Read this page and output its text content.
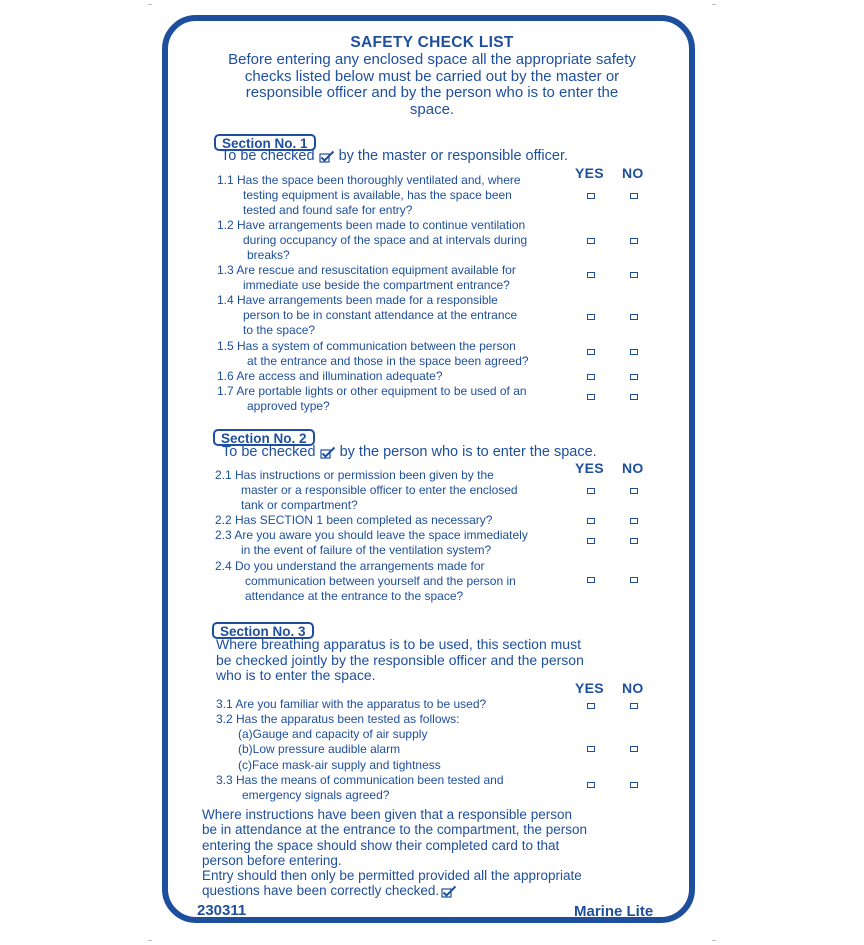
SAFETY CHECK LIST
Before entering any enclosed space all the appropriate safety checks listed below must be carried out by the master or responsible officer and by the person who is to enter the space.
Section No. 1
To be checked by the master or responsible officer.
YES NO
1.1 Has the space been thoroughly ventilated and, where
testing equipment is available, has the space been
tested and found safe for entry?
1.2 Have arrangements been made to continue ventilation
during occupancy of the space and at intervals during
breaks?
1.3 Are rescue and resuscitation equipment available for
immediate use beside the compartment entrance?
1.4 Have arrangements been made for a responsible
person to be in constant attendance at the entrance
to the space?
1.5 Has a system of communication between the person
at the entrance and those in the space been agreed?
1.6 Are access and illumination adequate?
1.7 Are portable lights or other equipment to be used of an
approved type?
Section No. 2
To be checked by the person who is to enter the space.
YES NO
2.1 Has instructions or permission been given by the
master or a responsible officer to enter the enclosed
tank or compartment?
2.2 Has SECTION 1 been completed as necessary?
2.3 Are you aware you should leave the space immediately
in the event of failure of the ventilation system?
2.4 Do you understand the arrangements made for
communication between yourself and the person in
attendance at the entrance to the space?
Section No. 3
Where breathing apparatus is to be used, this section must
be checked jointly by the responsible officer and the person
who is to enter the space.
YES NO
3.1 Are you familiar with the apparatus to be used?
3.2 Has the apparatus been tested as follows:
(a)Gauge and capacity of air supply
(b)Low pressure audible alarm
(c)Face mask-air supply and tightness
3.3 Has the means of communication been tested and
emergency signals agreed?
Where instructions have been given that a responsible person
be in attendance at the entrance to the compartment, the person
entering the space should show their completed card to that
person before entering.
Entry should then only be permitted provided all the appropriate
questions have been correctly checked.
230311	Marine Lite
